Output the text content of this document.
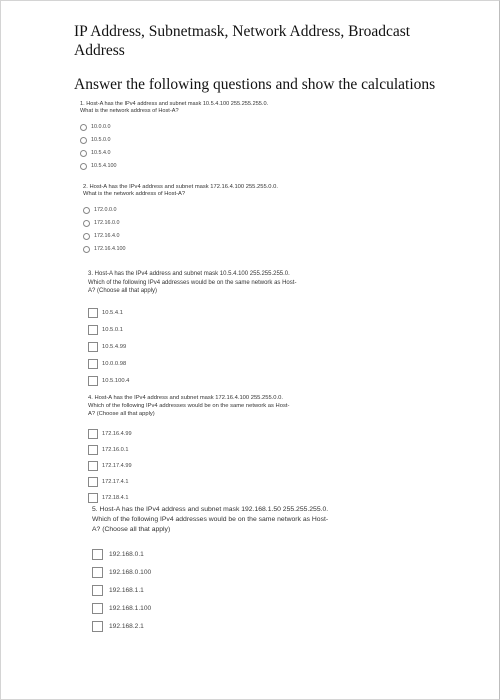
IP Address, Subnetmask, Network Address, Broadcast Address
Answer the following questions and show the calculations
1. Host-A has the IPv4 address and subnet mask 10.5.4.100 255.255.255.0.
What is the network address of Host-A?
10.0.0.0
10.5.0.0
10.5.4.0
10.5.4.100
2. Host-A has the IPv4 address and subnet mask 172.16.4.100 255.255.0.0.
What is the network address of Host-A?
172.0.0.0
172.16.0.0
172.16.4.0
172.16.4.100
3. Host-A has the IPv4 address and subnet mask 10.5.4.100 255.255.255.0.
Which of the following IPv4 addresses would be on the same network as Host-
A? (Choose all that apply)
10.5.4.1
10.5.0.1
10.5.4.99
10.0.0.98
10.5.100.4
4. Host-A has the IPv4 address and subnet mask 172.16.4.100 255.255.0.0.
Which of the following IPv4 addresses would be on the same network as Host-
A? (Choose all that apply)
172.16.4.99
172.16.0.1
172.17.4.99
172.17.4.1
172.18.4.1
5. Host-A has the IPv4 address and subnet mask 192.168.1.50 255.255.255.0.
Which of the following IPv4 addresses would be on the same network as Host-
A? (Choose all that apply)
192.168.0.1
192.168.0.100
192.168.1.1
192.168.1.100
192.168.2.1
